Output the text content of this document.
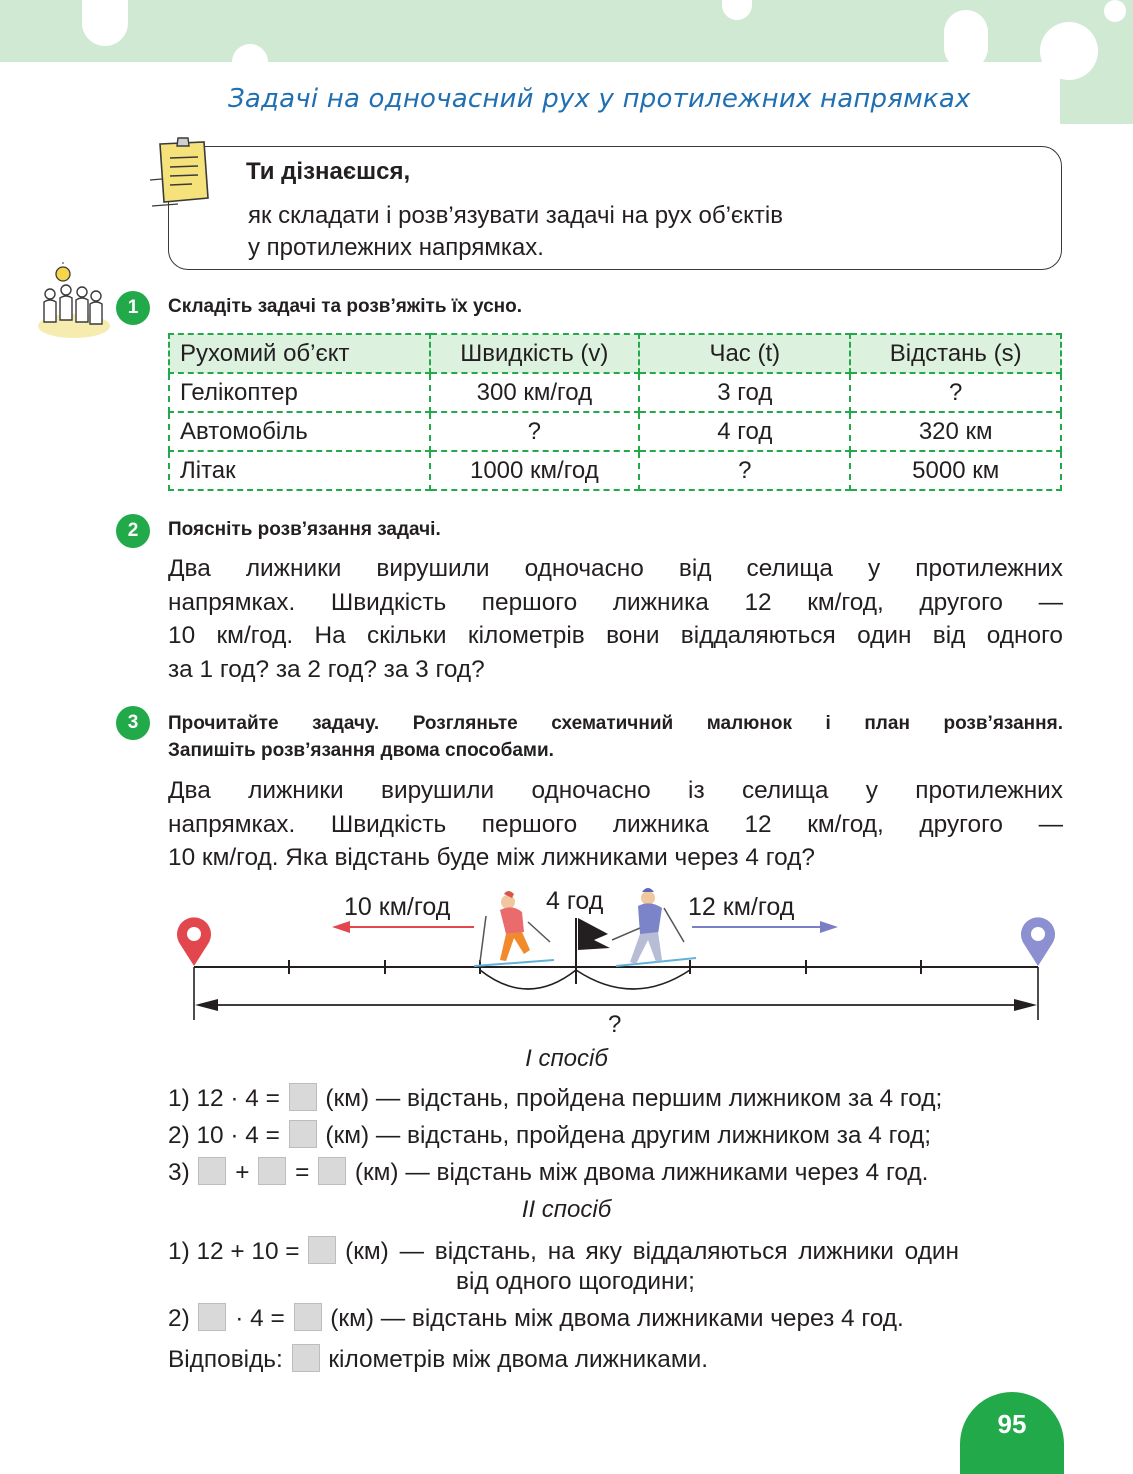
Задачі на одночасний рух у протилежних напрямках
Ти дізнаєшся,
як складати і розв’язувати задачі на рух об’єктів
у протилежних напрямках.
1	Складіть задачі та розв’яжіть їх усно.
Рухомий об’єкт	Швидкість (v)	Час (t)	Відстань (s)
Гелікоптер	300 км/год	3 год	?
Автомобіль	?	4 год	320 км
Літак	1000 км/год	?	5000 км
2	Поясніть розв’язання задачі.
Два лижники вирушили одночасно від селища у протилежних
напрямках. Швидкість першого лижника 12 км/год, другого —
10 км/год. На скільки кілометрів вони віддаляються один від одного
за 1 год? за 2 год? за 3 год?
3	Прочитайте задачу. Розгляньте схематичний малюнок і план розв’язання.
Запишіть розв’язання двома способами.
Два лижники вирушили одночасно із селища у протилежних
напрямках. Швидкість першого лижника 12 км/год, другого —
10 км/год. Яка відстань буде між лижниками через 4 год?
10 км/год	4 год	12 км/год
?
І спосіб
1) 12 · 4 = (км) — відстань, пройдена першим лижником за 4 год;
2) 10 · 4 = (км) — відстань, пройдена другим лижником за 4 год;
3) + = (км) — відстань між двома лижниками через 4 год.
ІІ спосіб
1) 12 + 10 = (км) — відстань, на яку віддаляються лижники один
від одного щогодини;
2) · 4 = (км) — відстань між двома лижниками через 4 год.
Відповідь: кілометрів між двома лижниками.
95
